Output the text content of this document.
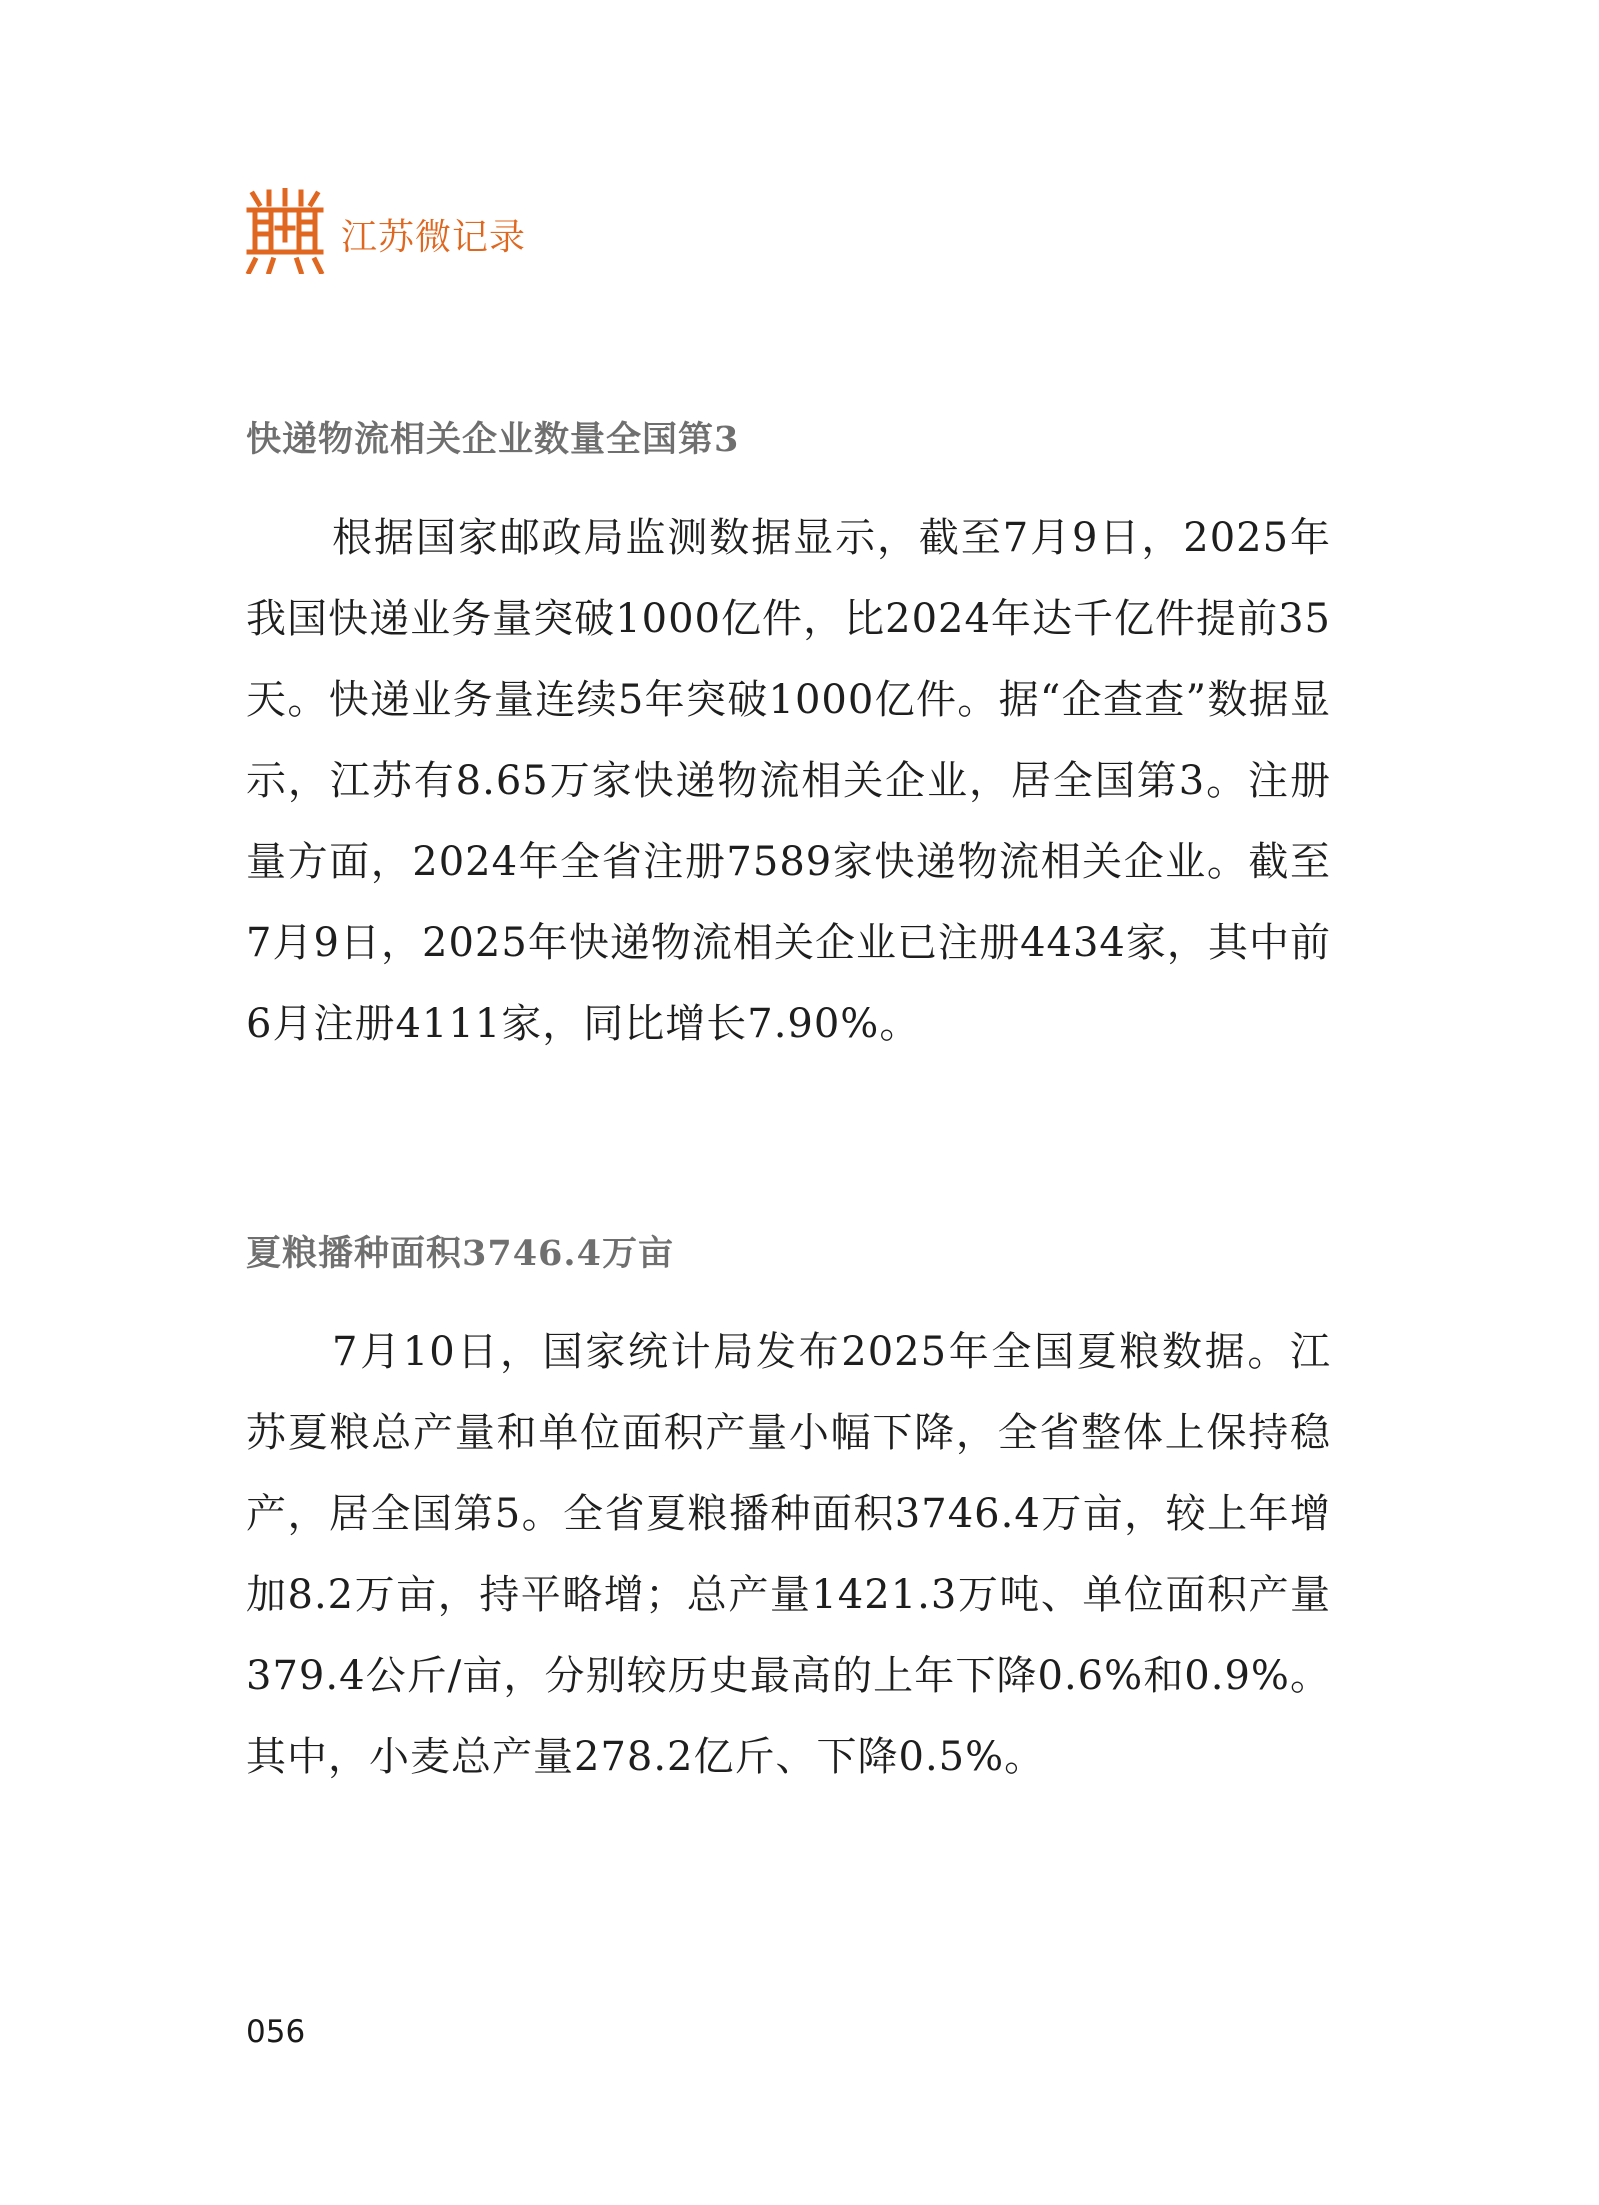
江苏微记录
快递物流相关企业数量全国第3

根据国家邮政局监测数据显示，截至7月9日，2025年我国快递业务量突破1000亿件，比2024年达千亿件提前35天。快递业务量连续5年突破1000亿件。据“企查查”数据显示，江苏有8.65万家快递物流相关企业，居全国第3。注册量方面，2024年全省注册7589家快递物流相关企业。截至7月9日，2025年快递物流相关企业已注册4434家，其中前6月注册4111家，同比增长7.90%。

夏粮播种面积3746.4万亩

7月10日，国家统计局发布2025年全国夏粮数据。江苏夏粮总产量和单位面积产量小幅下降，全省整体上保持稳产，居全国第5。全省夏粮播种面积3746.4万亩，较上年增加8.2万亩，持平略增；总产量1421.3万吨、单位面积产量379.4公斤/亩，分别较历史最高的上年下降0.6%和0.9%。其中，小麦总产量278.2亿斤、下降0.5%。

056
